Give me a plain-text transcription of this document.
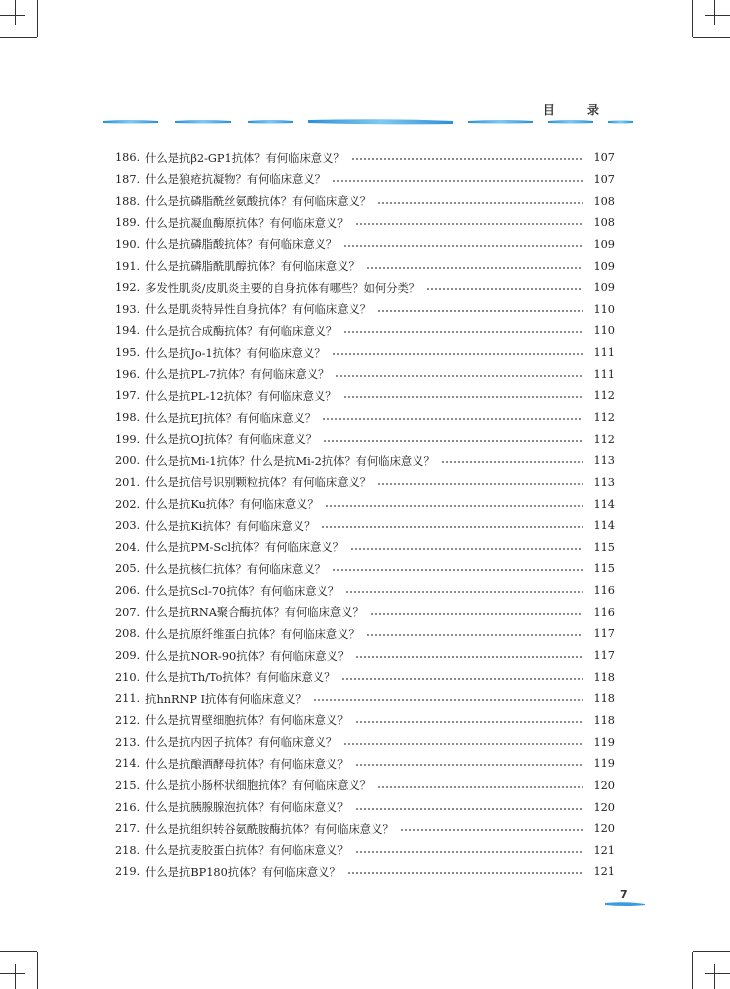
目 录
186. 什么是抗β2-GP1抗体？有何临床意义？	107
187. 什么是狼疮抗凝物？有何临床意义？	107
188. 什么是抗磷脂酰丝氨酸抗体？有何临床意义？	108
189. 什么是抗凝血酶原抗体？有何临床意义？	108
190. 什么是抗磷脂酸抗体？有何临床意义？	109
191. 什么是抗磷脂酰肌醇抗体？有何临床意义？	109
192. 多发性肌炎/皮肌炎主要的自身抗体有哪些？如何分类？	109
193. 什么是肌炎特异性自身抗体？有何临床意义？	110
194. 什么是抗合成酶抗体？有何临床意义？	110
195. 什么是抗Jo-1抗体？有何临床意义？	111
196. 什么是抗PL-7抗体？有何临床意义？	111
197. 什么是抗PL-12抗体？有何临床意义？	112
198. 什么是抗EJ抗体？有何临床意义？	112
199. 什么是抗OJ抗体？有何临床意义？	112
200. 什么是抗Mi-1抗体？什么是抗Mi-2抗体？有何临床意义？	113
201. 什么是抗信号识别颗粒抗体？有何临床意义？	113
202. 什么是抗Ku抗体？有何临床意义？	114
203. 什么是抗Ki抗体？有何临床意义？	114
204. 什么是抗PM-Scl抗体？有何临床意义？	115
205. 什么是抗核仁抗体？有何临床意义？	115
206. 什么是抗Scl-70抗体？有何临床意义？	116
207. 什么是抗RNA聚合酶抗体？有何临床意义？	116
208. 什么是抗原纤维蛋白抗体？有何临床意义？	117
209. 什么是抗NOR-90抗体？有何临床意义？	117
210. 什么是抗Th/To抗体？有何临床意义？	118
211. 抗hnRNP Ⅰ抗体有何临床意义？	118
212. 什么是抗胃壁细胞抗体？有何临床意义？	118
213. 什么是抗内因子抗体？有何临床意义？	119
214. 什么是抗酿酒酵母抗体？有何临床意义？	119
215. 什么是抗小肠杯状细胞抗体？有何临床意义？	120
216. 什么是抗胰腺腺泡抗体？有何临床意义？	120
217. 什么是抗组织转谷氨酰胺酶抗体？有何临床意义？	120
218. 什么是抗麦胶蛋白抗体？有何临床意义？	121
219. 什么是抗BP180抗体？有何临床意义？	121
7
